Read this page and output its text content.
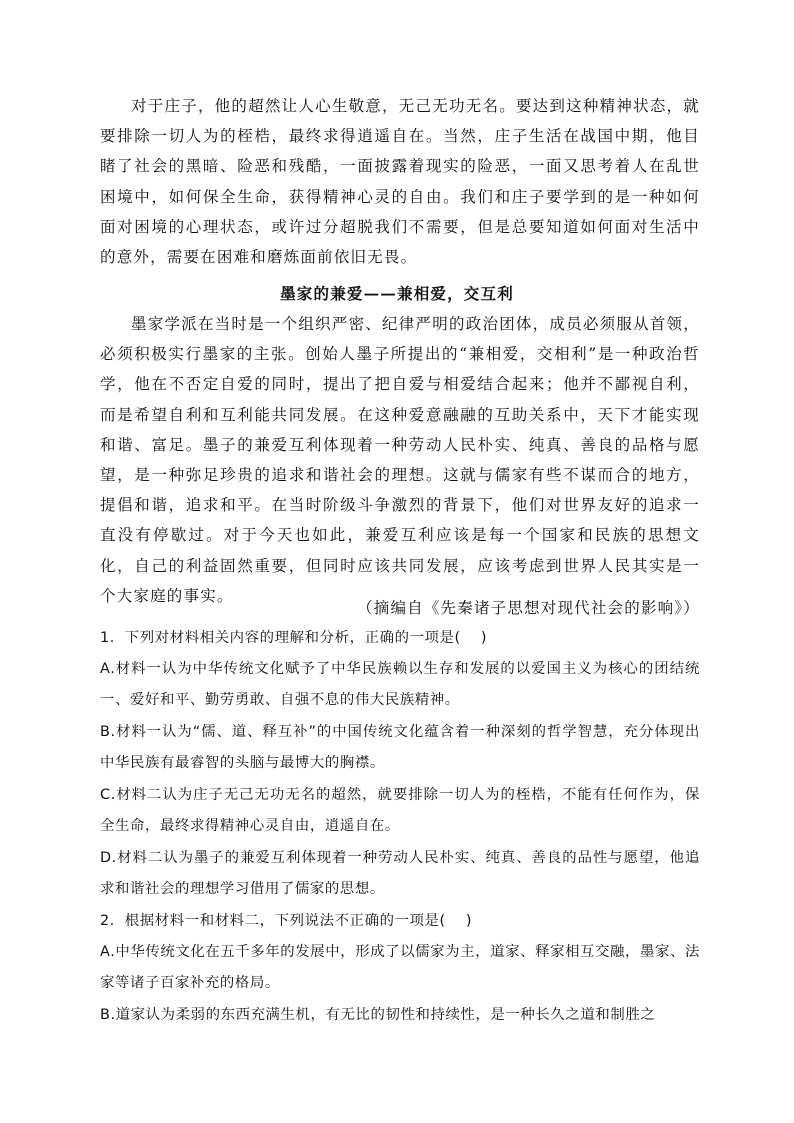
对于庄子，他的超然让人心生敬意，无己无功无名。要达到这种精神状态，就要排除一切人为的桎梏，最终求得逍遥自在。当然，庄子生活在战国中期，他目睹了社会的黑暗、险恶和残酷，一面披露着现实的险恶，一面又思考着人在乱世困境中，如何保全生命，获得精神心灵的自由。我们和庄子要学到的是一种如何面对困境的心理状态，或许过分超脱我们不需要，但是总要知道如何面对生活中的意外，需要在困难和磨炼面前依旧无畏。

墨家的兼爱——兼相爱，交互利

墨家学派在当时是一个组织严密、纪律严明的政治团体，成员必须服从首领，必须积极实行墨家的主张。创始人墨子所提出的“兼相爱，交相利”是一种政治哲学，他在不否定自爱的同时，提出了把自爱与相爱结合起来；他并不鄙视自利，而是希望自利和互利能共同发展。在这种爱意融融的互助关系中，天下才能实现和谐、富足。墨子的兼爱互利体现着一种劳动人民朴实、纯真、善良的品格与愿望，是一种弥足珍贵的追求和谐社会的理想。这就与儒家有些不谋而合的地方，提倡和谐，追求和平。在当时阶级斗争激烈的背景下，他们对世界友好的追求一直没有停歇过。对于今天也如此，兼爱互利应该是每一个国家和民族的思想文化，自己的利益固然重要，但同时应该共同发展，应该考虑到世界人民其实是一个大家庭的事实。

（摘编自《先秦诸子思想对现代社会的影响》）

1．下列对材料相关内容的理解和分析，正确的一项是(　 )

A.材料一认为中华传统文化赋予了中华民族赖以生存和发展的以爱国主义为核心的团结统一、爱好和平、勤劳勇敢、自强不息的伟大民族精神。

B.材料一认为“儒、道、释互补”的中国传统文化蕴含着一种深刻的哲学智慧，充分体现出中华民族有最睿智的头脑与最博大的胸襟。

C.材料二认为庄子无己无功无名的超然，就要排除一切人为的桎梏，不能有任何作为，保全生命，最终求得精神心灵自由，逍遥自在。

D.材料二认为墨子的兼爱互利体现着一种劳动人民朴实、纯真、善良的品性与愿望，他追求和谐社会的理想学习借用了儒家的思想。

2．根据材料一和材料二，下列说法不正确的一项是(　 )

A.中华传统文化在五千多年的发展中，形成了以儒家为主，道家、释家相互交融，墨家、法家等诸子百家补充的格局。

B.道家认为柔弱的东西充满生机，有无比的韧性和持续性，是一种长久之道和制胜之
